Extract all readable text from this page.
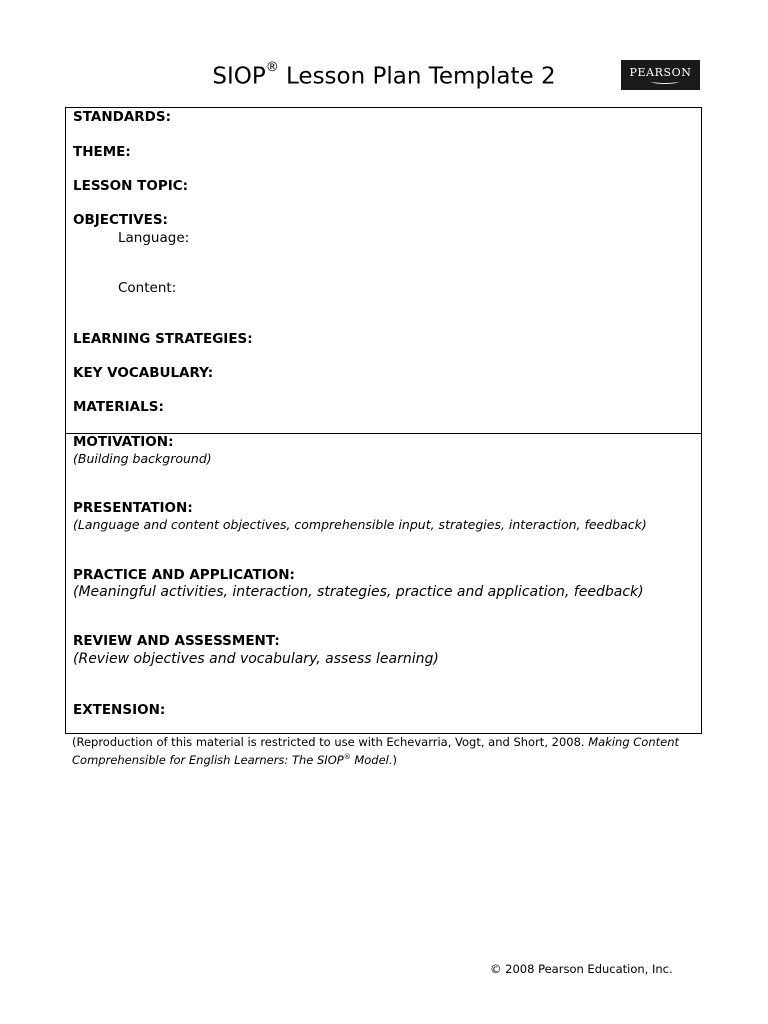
SIOP® Lesson Plan Template 2	PEARSON
STANDARDS:
THEME:
LESSON TOPIC:
OBJECTIVES:
Language:
Content:
LEARNING STRATEGIES:
KEY VOCABULARY:
MATERIALS:
MOTIVATION:
(Building background)
PRESENTATION:
(Language and content objectives, comprehensible input, strategies, interaction, feedback)
PRACTICE AND APPLICATION:
(Meaningful activities, interaction, strategies, practice and application, feedback)
REVIEW AND ASSESSMENT:
(Review objectives and vocabulary, assess learning)
EXTENSION:
(Reproduction of this material is restricted to use with Echevarria, Vogt, and Short, 2008. Making Content
Comprehensible for English Learners: The SIOP® Model.)
© 2008 Pearson Education, Inc.
